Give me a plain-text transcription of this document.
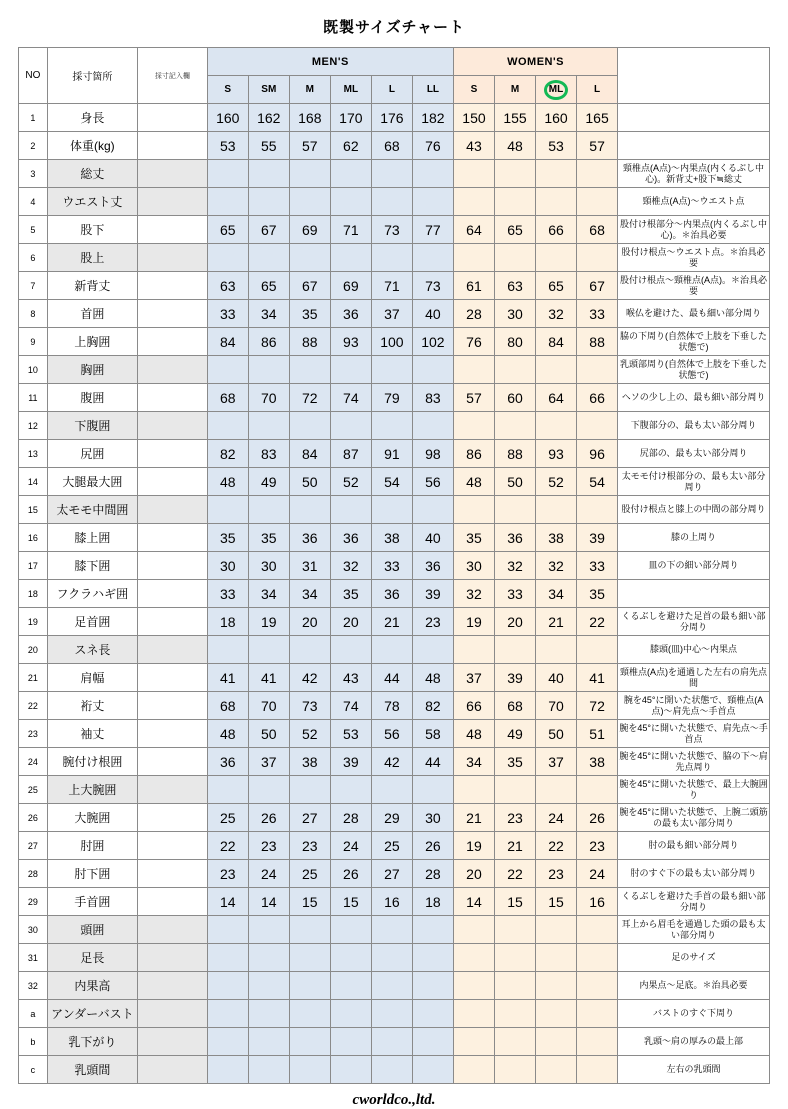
既製サイズチャート
NO	採寸箇所	採寸記入欄	MEN'S						WOMEN'S				
			S	SM	M	ML	L	LL	S	M	ML	L	
1	身長		160	162	168	170	176	182	150	155	160	165	
2	体重(kg)		53	55	57	62	68	76	43	48	53	57	
3	総丈												頸椎点(A点)〜内果点(内くるぶし中心)。新背丈+股下≒総丈
4	ウエスト丈												頸椎点(A点)〜ウエスト点
5	股下		65	67	69	71	73	77	64	65	66	68	股付け根部分〜内果点(内くるぶし中心)。＊治具必要
6	股上												股付け根点〜ウエスト点。＊治具必要
7	新背丈		63	65	67	69	71	73	61	63	65	67	股付け根点〜頸椎点(A点)。＊治具必要
8	首囲		33	34	35	36	37	40	28	30	32	33	喉仏を避けた、最も細い部分周り
9	上胸囲		84	86	88	93	100	102	76	80	84	88	脇の下周り(自然体で上肢を下垂した状態で)
10	胸囲												乳頭部周り(自然体で上肢を下垂した状態で)
11	腹囲		68	70	72	74	79	83	57	60	64	66	ヘソの少し上の、最も細い部分周り
12	下腹囲												下腹部分の、最も太い部分周り
13	尻囲		82	83	84	87	91	98	86	88	93	96	尻部の、最も太い部分周り
14	大腿最大囲		48	49	50	52	54	56	48	50	52	54	太モモ付け根部分の、最も太い部分周り
15	太モモ中間囲												股付け根点と膝上の中間の部分周り
16	膝上囲		35	35	36	36	38	40	35	36	38	39	膝の上周り
17	膝下囲		30	30	31	32	33	36	30	32	32	33	皿の下の細い部分周り
18	フクラハギ囲		33	34	34	35	36	39	32	33	34	35	
19	足首囲		18	19	20	20	21	23	19	20	21	22	くるぶしを避けた足首の最も細い部分周り
20	スネ長												膝頭(皿)中心〜内果点
21	肩幅		41	41	42	43	44	48	37	39	40	41	頸椎点(A点)を通過した左右の肩先点間
22	裄丈		68	70	73	74	78	82	66	68	70	72	腕を45°に開いた状態で、頸椎点(A点)〜肩先点〜手首点
23	袖丈		48	50	52	53	56	58	48	49	50	51	腕を45°に開いた状態で、肩先点〜手首点
24	腕付け根囲		36	37	38	39	42	44	34	35	37	38	腕を45°に開いた状態で、脇の下〜肩先点周り
25	上大腕囲												腕を45°に開いた状態で、最上大腕囲り
26	大腕囲		25	26	27	28	29	30	21	23	24	26	腕を45°に開いた状態で、上腕二頭筋の最も太い部分周り
27	肘囲		22	23	23	24	25	26	19	21	22	23	肘の最も細い部分周り
28	肘下囲		23	24	25	26	27	28	20	22	23	24	肘のすぐ下の最も太い部分周り
29	手首囲		14	14	15	15	16	18	14	15	15	16	くるぶしを避けた手首の最も細い部分周り
30	頭囲												耳上から眉毛を通過した頭の最も太い部分周り
31	足長												足のサイズ
32	内果高												内果点〜足底。＊治具必要
a	アンダーバスト												バストのすぐ下周り
b	乳下がり												乳頭〜肩の厚みの最上部
c	乳頭間												左右の乳頭間
cworldco.,ltd.
